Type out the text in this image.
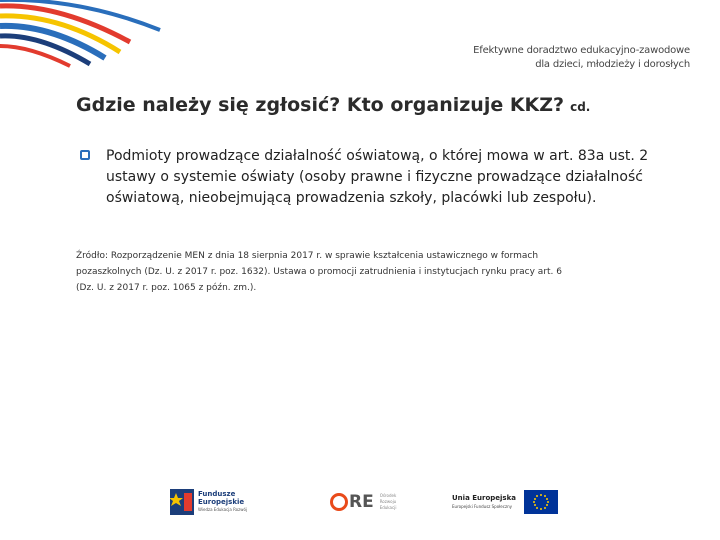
Efektywne doradztwo edukacyjno-zawodowe
dla dzieci, młodzieży i dorosłych
Gdzie należy się zgłosić? Kto organizuje KKZ? cd.
Podmioty prowadzące działalność oświatową, o której mowa w art. 83a ust. 2 ustawy o systemie oświaty (osoby prawne i fizyczne prowadzące działalność oświatową, nieobejmującą prowadzenia szkoły, placówki lub zespołu).
Źródło: Rozporządzenie MEN z dnia 18 sierpnia 2017 r. w sprawie kształcenia ustawicznego w formach
pozaszkolnych (Dz. U. z 2017 r. poz. 1632). Ustawa o promocji zatrudnienia i instytucjach rynku pracy art. 6
(Dz. U. z 2017 r. poz. 1065 z późn. zm.).
Fundusze
Europejskie
Wiedza Edukacja Rozwój	RE Ośrodek
Rozwoju
Edukacji
Unia Europejska
Europejski Fundusz Społeczny
